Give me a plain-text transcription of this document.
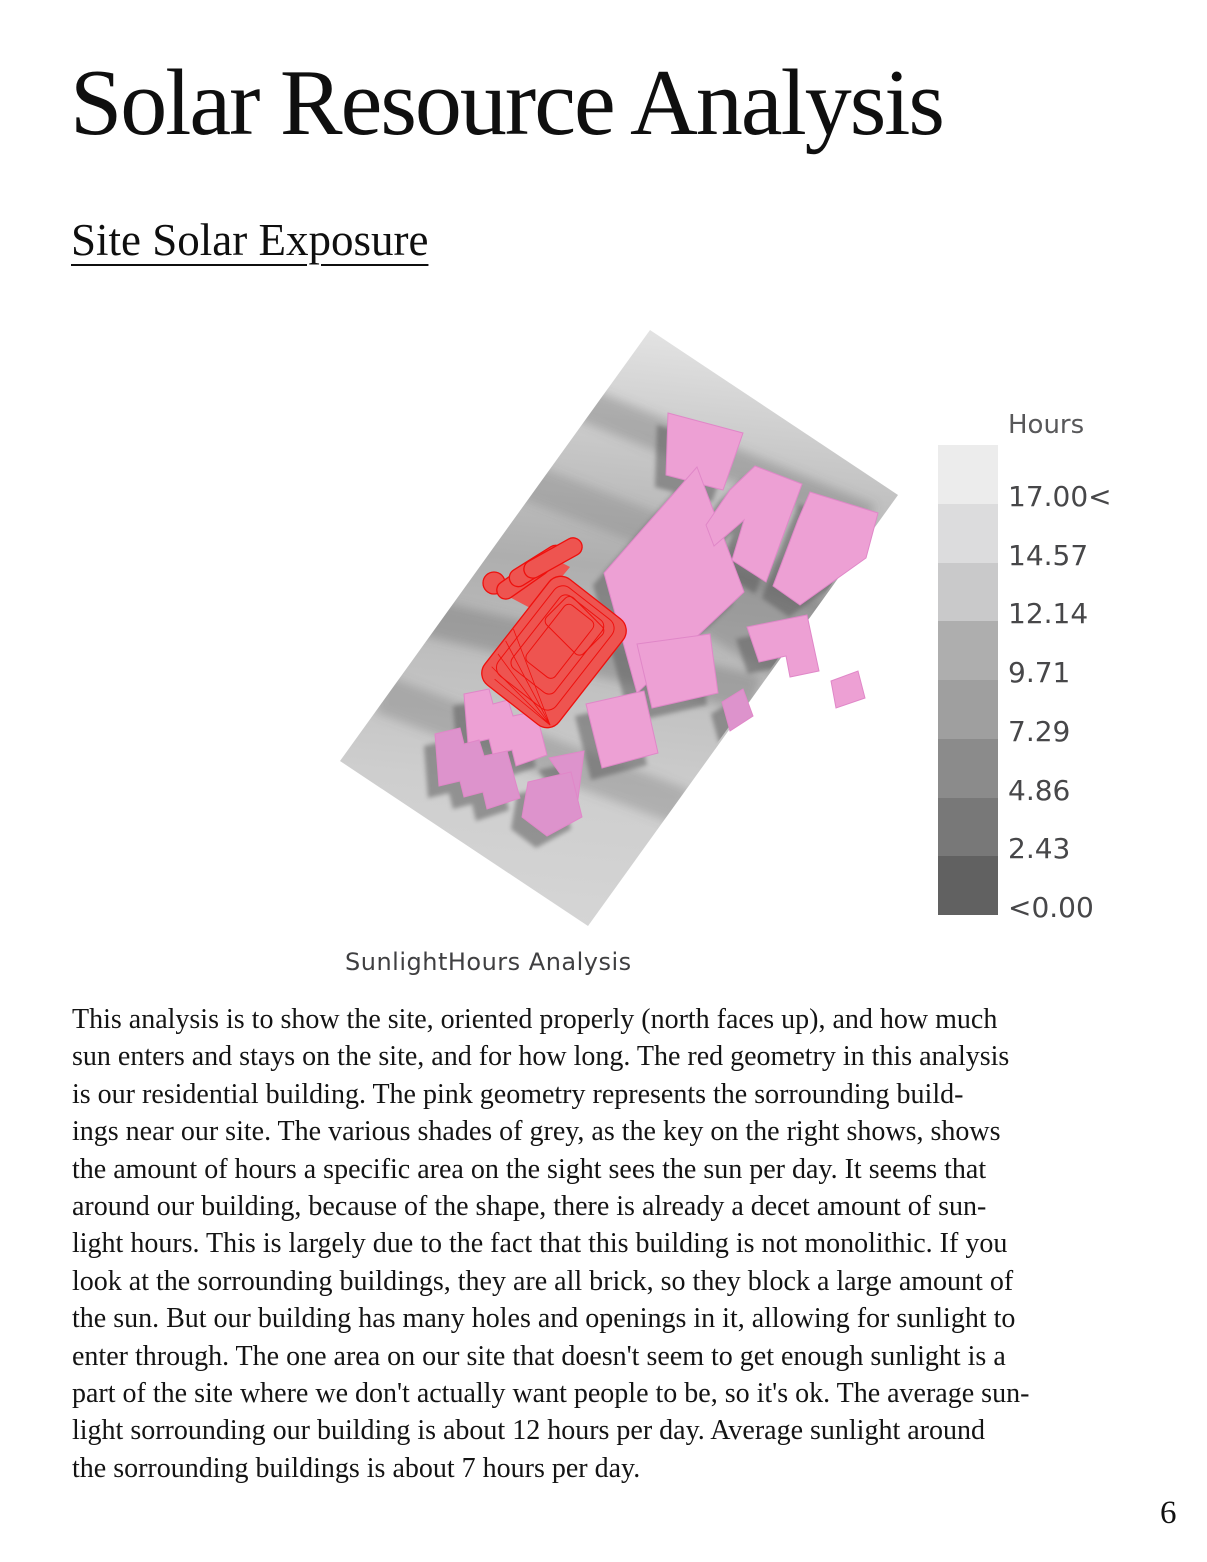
Solar Resource Analysis
Site Solar Exposure
Hours
17.00<
14.57
12.14
9.71
7.29
4.86
2.43
<0.00
SunlightHours Analysis
This analysis is to show the site, oriented properly (north faces up), and how much
sun enters and stays on the site, and for how long. The red geometry in this analysis
is our residential building. The pink geometry represents the sorrounding build-
ings near our site. The various shades of grey, as the key on the right shows, shows
the amount of hours a specific area on the sight sees the sun per day. It seems that
around our building, because of the shape, there is already a decet amount of sun-
light hours. This is largely due to the fact that this building is not monolithic. If you
look at the sorrounding buildings, they are all brick, so they block a large amount of
the sun. But our building has many holes and openings in it, allowing for sunlight to
enter through. The one area on our site that doesn't seem to get enough sunlight is a
part of the site where we don't actually want people to be, so it's ok. The average sun-
light sorrounding our building is about 12 hours per day. Average sunlight around
the sorrounding buildings is about 7 hours per day.
6
